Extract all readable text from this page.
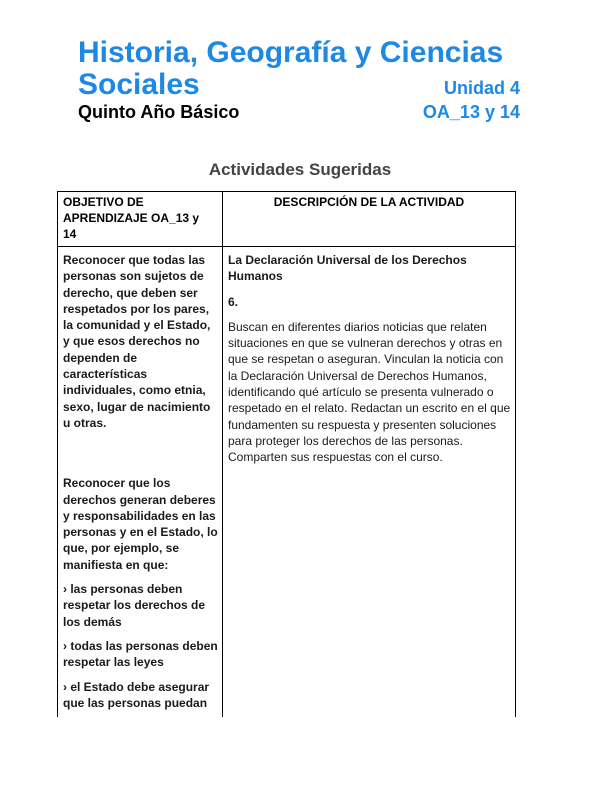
Historia, Geografía y Ciencias
Sociales	Unidad 4
Quinto Año Básico	OA_13 y 14
Actividades Sugeridas
OBJETIVO DE APRENDIZAJE OA_13 y 14
DESCRIPCIÓN DE LA ACTIVIDAD

Reconocer que todas las personas son sujetos de derecho, que deben ser respetados por los pares, la comunidad y el Estado, y que esos derechos no dependen de características individuales, como etnia, sexo, lugar de nacimiento u otras.

Reconocer que los derechos generan deberes y responsabilidades en las personas y en el Estado, lo que, por ejemplo, se manifiesta en que:

› las personas deben respetar los derechos de los demás

› todas las personas deben respetar las leyes

› el Estado debe asegurar que las personas puedan

La Declaración Universal de los Derechos Humanos

6.

Buscan en diferentes diarios noticias que relaten situaciones en que se vulneran derechos y otras en que se respetan o aseguran. Vinculan la noticia con la Declaración Universal de Derechos Humanos, identificando qué artículo se presenta vulnerado o respetado en el relato. Redactan un escrito en el que fundamenten su respuesta y presenten soluciones para proteger los derechos de las personas. Comparten sus respuestas con el curso.
